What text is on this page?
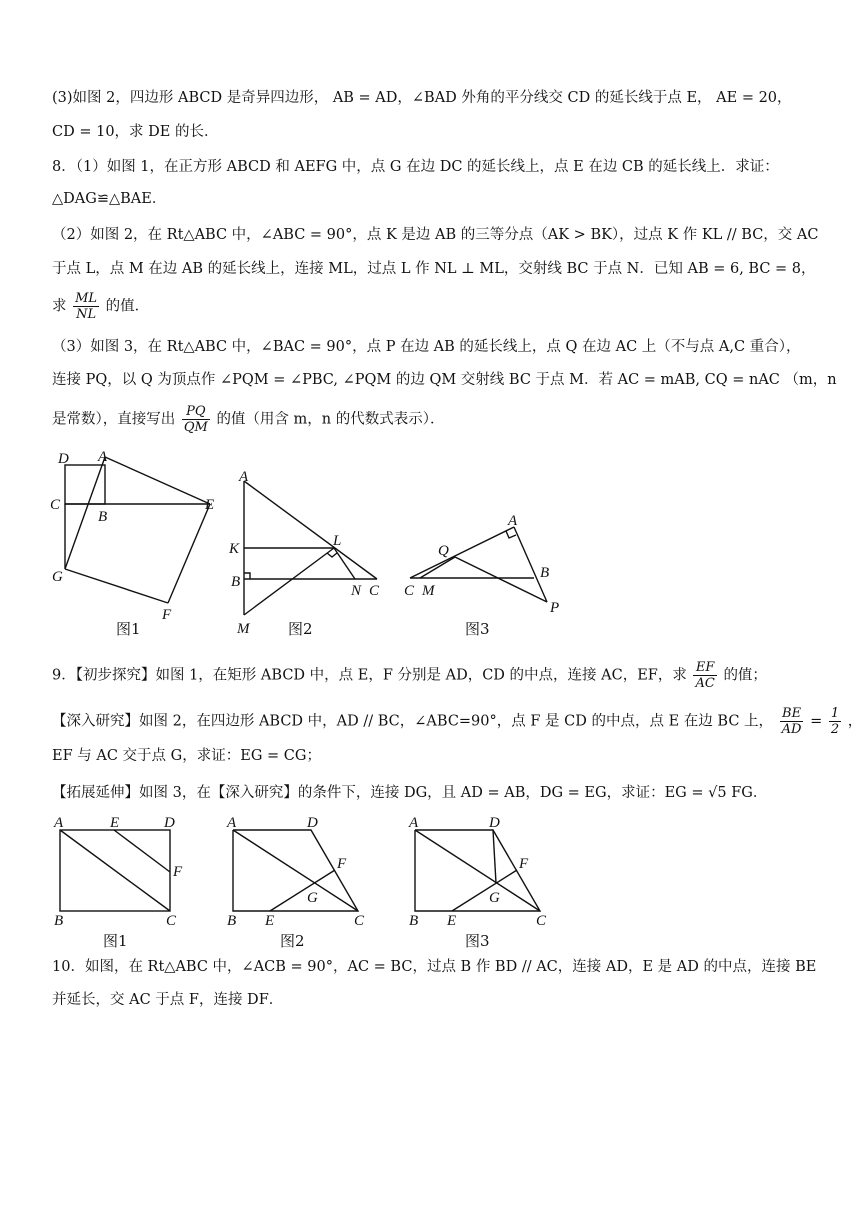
(3)如图 2，四边形 ABCD 是奇异四边形， AB = AD，∠BAD 外角的平分线交 CD 的延长线于点 E， AE = 20，
CD = 10，求 DE 的长．
8．（1）如图 1，在正方形 ABCD 和 AEFG 中，点 G 在边 DC 的延长线上，点 E 在边 CB 的延长线上．求证：
△DAG≌△BAE．
（2）如图 2，在 Rt△ABC 中，∠ABC = 90°，点 K 是边 AB 的三等分点（AK > BK），过点 K 作 KL // BC，交 AC
于点 L，点 M 在边 AB 的延长线上，连接 ML，过点 L 作 NL ⊥ ML，交射线 BC 于点 N．已知 AB = 6, BC = 8，
求 $\frac{ML}{NL}$ 的值．
（3）如图 3，在 Rt△ABC 中，∠BAC = 90°，点 P 在边 AB 的延长线上，点 Q 在边 AC 上（不与点 A,C 重合），
连接 PQ，以 Q 为顶点作 ∠PQM = ∠PBC, ∠PQM 的边 QM 交射线 BC 于点 M．若 AC = mAB, CQ = nAC （m，n
是常数），直接写出 $\frac{PQ}{QM}$ 的值（用含 m，n 的代数式表示）．
D A
C
B
E
G
F
图1
A
K	L
B
N C
M	图2
A
Q
B
C M
P
图3
9．【初步探究】如图 1，在矩形 ABCD 中，点 E，F 分别是 AD，CD 的中点，连接 AC，EF，求 $\frac{EF}{AC}$ 的值；
【深入研究】如图 2，在四边形 ABCD 中，AD // BC，∠ABC=90°，点 F 是 CD 的中点，点 E 在边 BC 上， $\frac{BE}{AD} = \frac{1}{2}$ ，
EF 与 AC 交于点 G，求证：EG = CG；
【拓展延伸】如图 3，在【深入研究】的条件下，连接 DG，且 AD = AB，DG = EG，求证：EG = √5 FG．
A	E	D
F
B	C
图1
A	D
F
G
B E	C
图2
A	D
F
G
B E	C
图3
10．如图，在 Rt△ABC 中，∠ACB = 90°，AC = BC，过点 B 作 BD // AC，连接 AD，E 是 AD 的中点，连接 BE
并延长，交 AC 于点 F，连接 DF．
